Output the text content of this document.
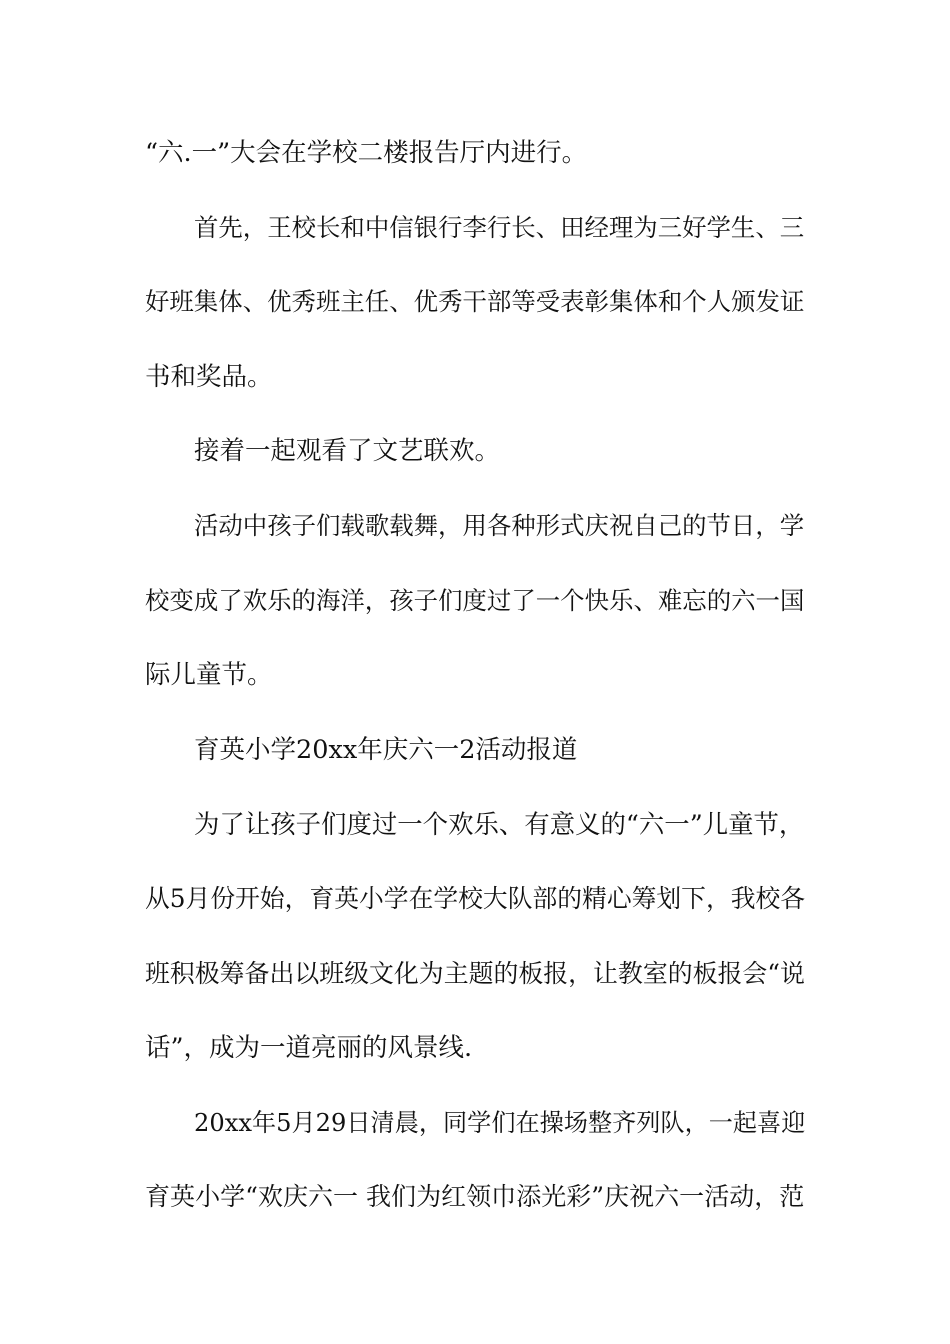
“六.一”大会在学校二楼报告厅内进行。
首先，王校长和中信银行李行长、田经理为三好学生、三
好班集体、优秀班主任、优秀干部等受表彰集体和个人颁发证
书和奖品。
接着一起观看了文艺联欢。
活动中孩子们载歌载舞，用各种形式庆祝自己的节日，学
校变成了欢乐的海洋，孩子们度过了一个快乐、难忘的六一国
际儿童节。
育英小学20xx年庆六一2活动报道
为了让孩子们度过一个欢乐、有意义的“六一”儿童节，
从5月份开始，育英小学在学校大队部的精心筹划下，我校各
班积极筹备出以班级文化为主题的板报，让教室的板报会“说
话”，成为一道亮丽的风景线.
20xx年5月29日清晨，同学们在操场整齐列队，一起喜迎
育英小学“欢庆六一 我们为红领巾添光彩”庆祝六一活动，范
